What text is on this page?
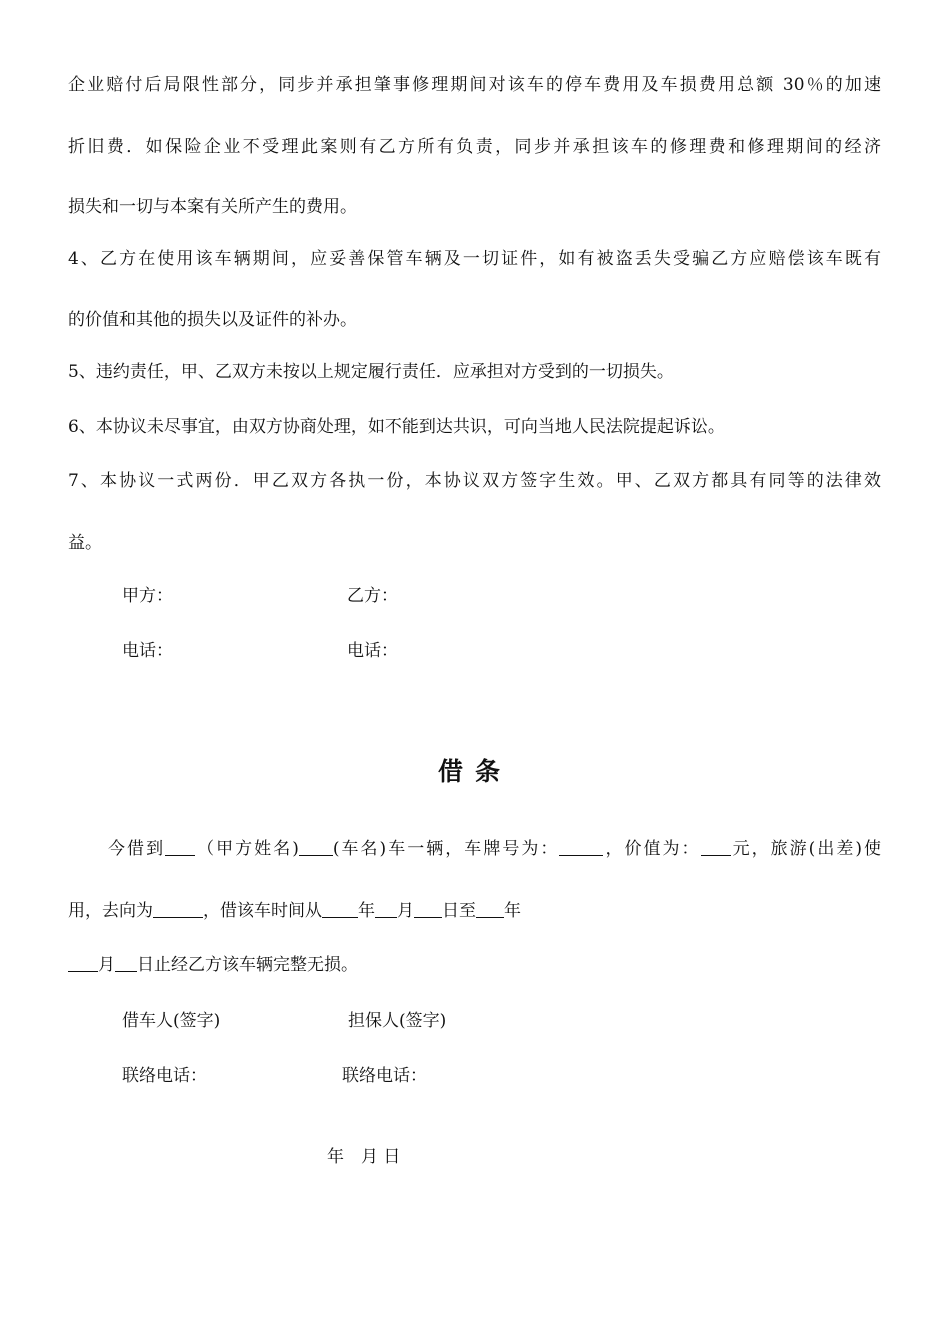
企业赔付后局限性部分，同步并承担肇事修理期间对该车的停车费用及车损费用总额 30％的加速
折旧费．如保险企业不受理此案则有乙方所有负责，同步并承担该车的修理费和修理期间的经济
损失和一切与本案有关所产生的费用。
4、乙方在使用该车辆期间，应妥善保管车辆及一切证件，如有被盗丢失受骗乙方应赔偿该车既有
的价值和其他的损失以及证件的补办。
5、违约责任，甲、乙双方未按以上规定履行责任．应承担对方受到的一切损失。
6、本协议未尽事宜，由双方协商处理，如不能到达共识，可向当地人民法院提起诉讼。
7、本协议一式两份．甲乙双方各执一份，本协议双方签字生效。甲、乙双方都具有同等的法律效
益。
甲方：	乙方：
电话：	电话：
借条
今借到 （甲方姓名) (车名)车一辆，车牌号为：	，价值为： 元，旅游(出差)使
用，去向为	，借该车时间从 年 月 日至 年
月 日止经乙方该车辆完整无损。
借车人(签字)	担保人(签字)
联络电话：	联络电话：
年　月 日
